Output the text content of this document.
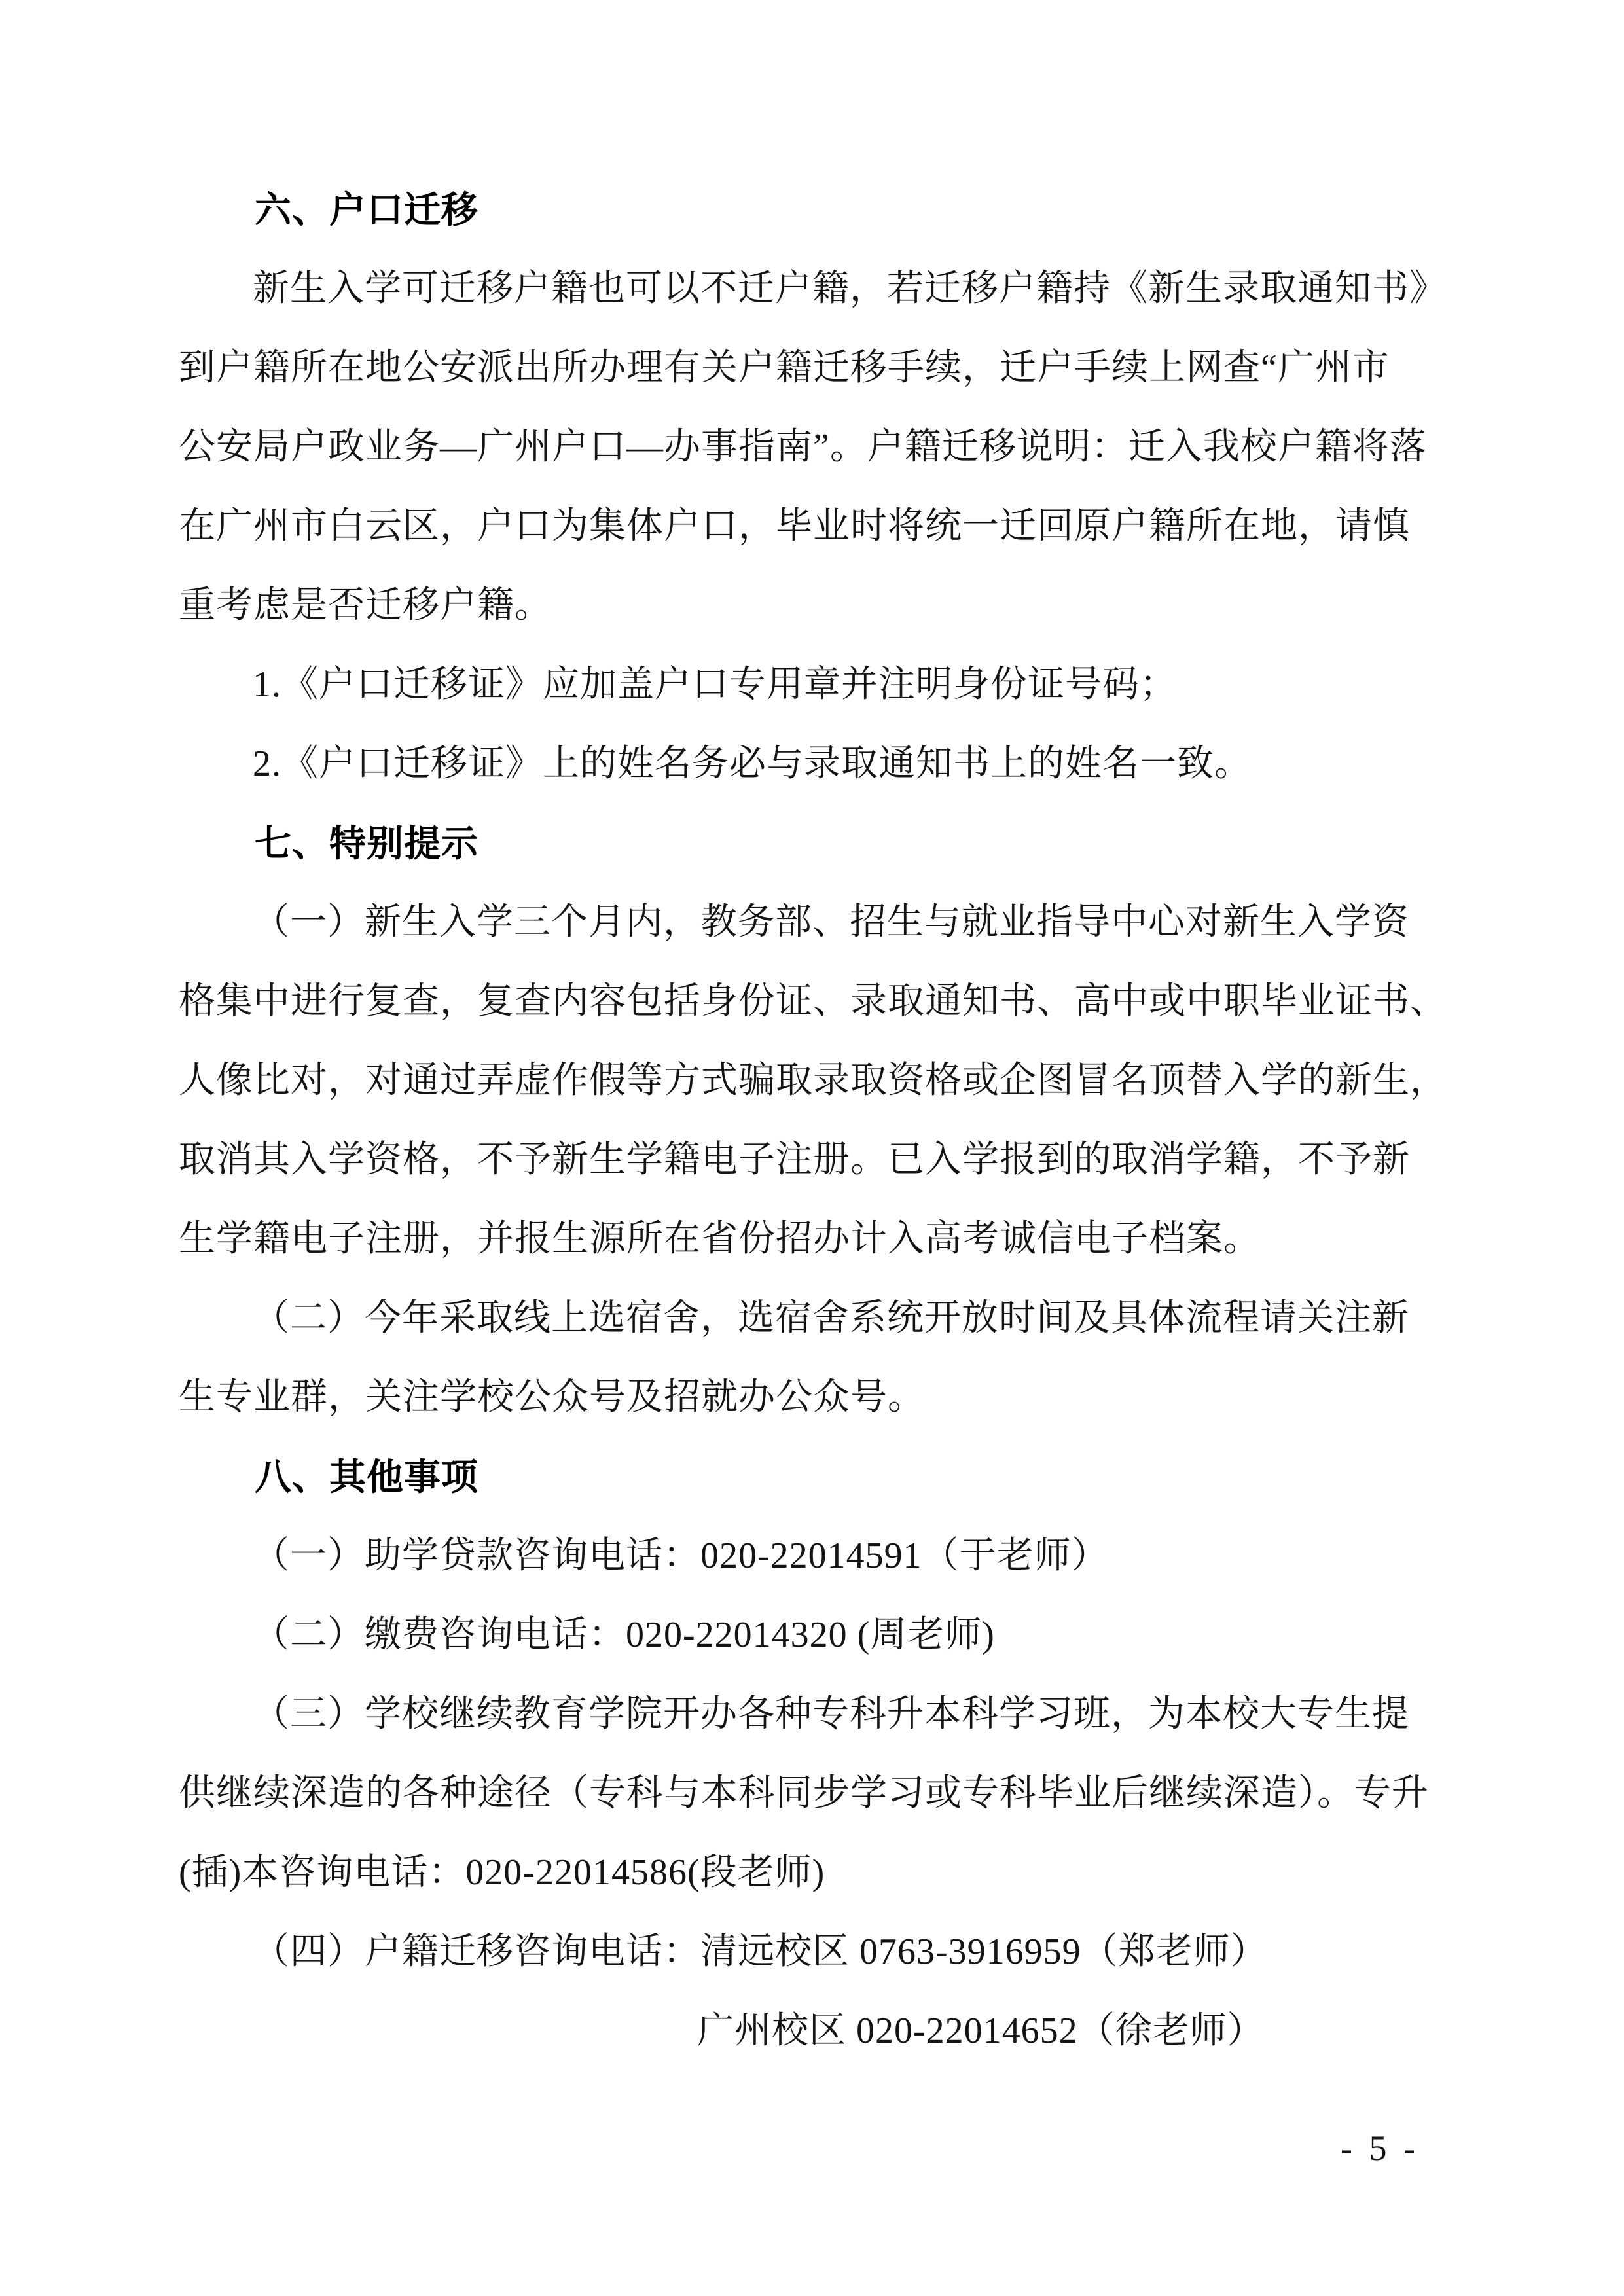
六、户口迁移
新生入学可迁移户籍也可以不迁户籍，若迁移户籍持《新生录取通知书》
到户籍所在地公安派出所办理有关户籍迁移手续，迁户手续上网查“广州市
公安局户政业务—广州户口—办事指南”。户籍迁移说明：迁入我校户籍将落
在广州市白云区，户口为集体户口，毕业时将统一迁回原户籍所在地，请慎
重考虑是否迁移户籍。
1.《户口迁移证》应加盖户口专用章并注明身份证号码；
2.《户口迁移证》上的姓名务必与录取通知书上的姓名一致。
七、特别提示
（一）新生入学三个月内，教务部、招生与就业指导中心对新生入学资
格集中进行复查，复查内容包括身份证、录取通知书、高中或中职毕业证书、
人像比对，对通过弄虚作假等方式骗取录取资格或企图冒名顶替入学的新生，
取消其入学资格，不予新生学籍电子注册。已入学报到的取消学籍，不予新
生学籍电子注册，并报生源所在省份招办计入高考诚信电子档案。
（二）今年采取线上选宿舍，选宿舍系统开放时间及具体流程请关注新
生专业群，关注学校公众号及招就办公众号。
八、其他事项
（一）助学贷款咨询电话：020-22014591（于老师）
（二）缴费咨询电话：020-22014320 (周老师)
（三）学校继续教育学院开办各种专科升本科学习班，为本校大专生提
供继续深造的各种途径（专科与本科同步学习或专科毕业后继续深造）。专升
(插)本咨询电话：020-22014586(段老师)
（四）户籍迁移咨询电话：清远校区 0763-3916959（郑老师）
广州校区 020-22014652（徐老师）
- 5 -
